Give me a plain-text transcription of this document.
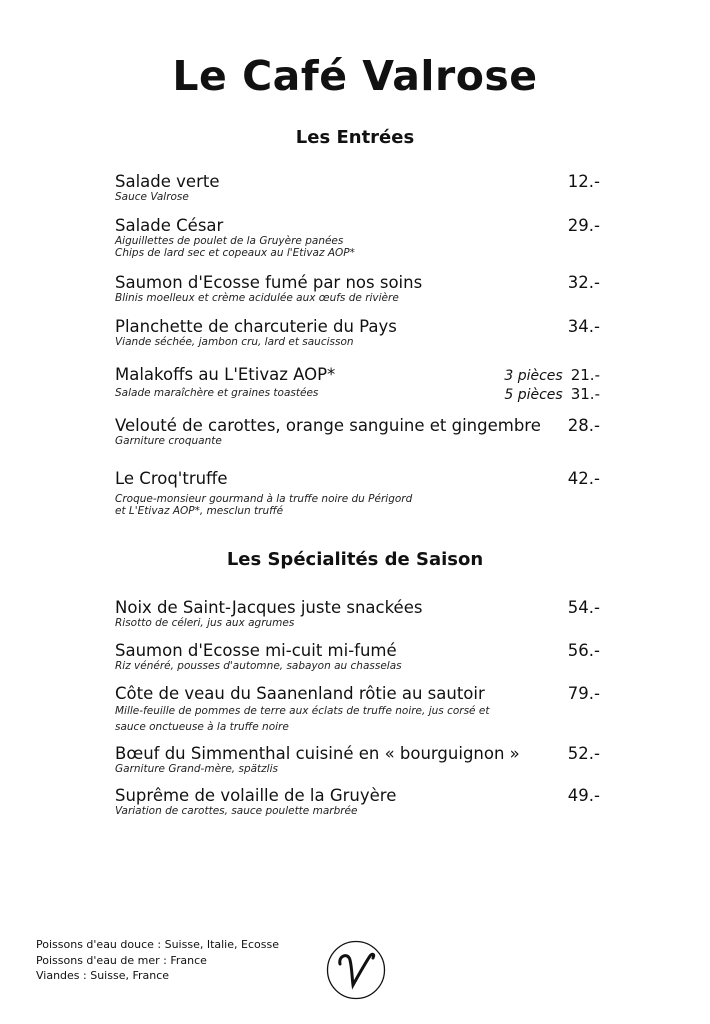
Le Café Valrose
Les Entrées
Salade verte	12.-
Sauce Valrose
Salade César	29.-
Aiguillettes de poulet de la Gruyère panées
Chips de lard sec et copeaux au l'Etivaz AOP*
Saumon d'Ecosse fumé par nos soins	32.-
Blinis moelleux et crème acidulée aux œufs de rivière
Planchette de charcuterie du Pays	34.-
Viande séchée, jambon cru, lard et saucisson
Malakoffs au L'Etivaz AOP*
Salade maraîchère et graines toastées
3 pièces 21.-
5 pièces 31.-
Velouté de carottes, orange sanguine et gingembre	28.-
Garniture croquante
Le Croq'truffe	42.-
Croque-monsieur gourmand à la truffe noire du Périgord
et L'Etivaz AOP*, mesclun truffé
Les Spécialités de Saison
Noix de Saint-Jacques juste snackées	54.-
Risotto de céleri, jus aux agrumes
Saumon d'Ecosse mi-cuit mi-fumé	56.-
Riz vénéré, pousses d'automne, sabayon au chasselas
Côte de veau du Saanenland rôtie au sautoir	79.-
Mille-feuille de pommes de terre aux éclats de truffe noire, jus corsé et
sauce onctueuse à la truffe noire
Bœuf du Simmenthal cuisiné en « bourguignon »	52.-
Garniture Grand-mère, spätzlis
Suprême de volaille de la Gruyère	49.-
Variation de carottes, sauce poulette marbrée
Poissons d'eau douce : Suisse, Italie, Ecosse
Poissons d'eau de mer : France
Viandes : Suisse, France
